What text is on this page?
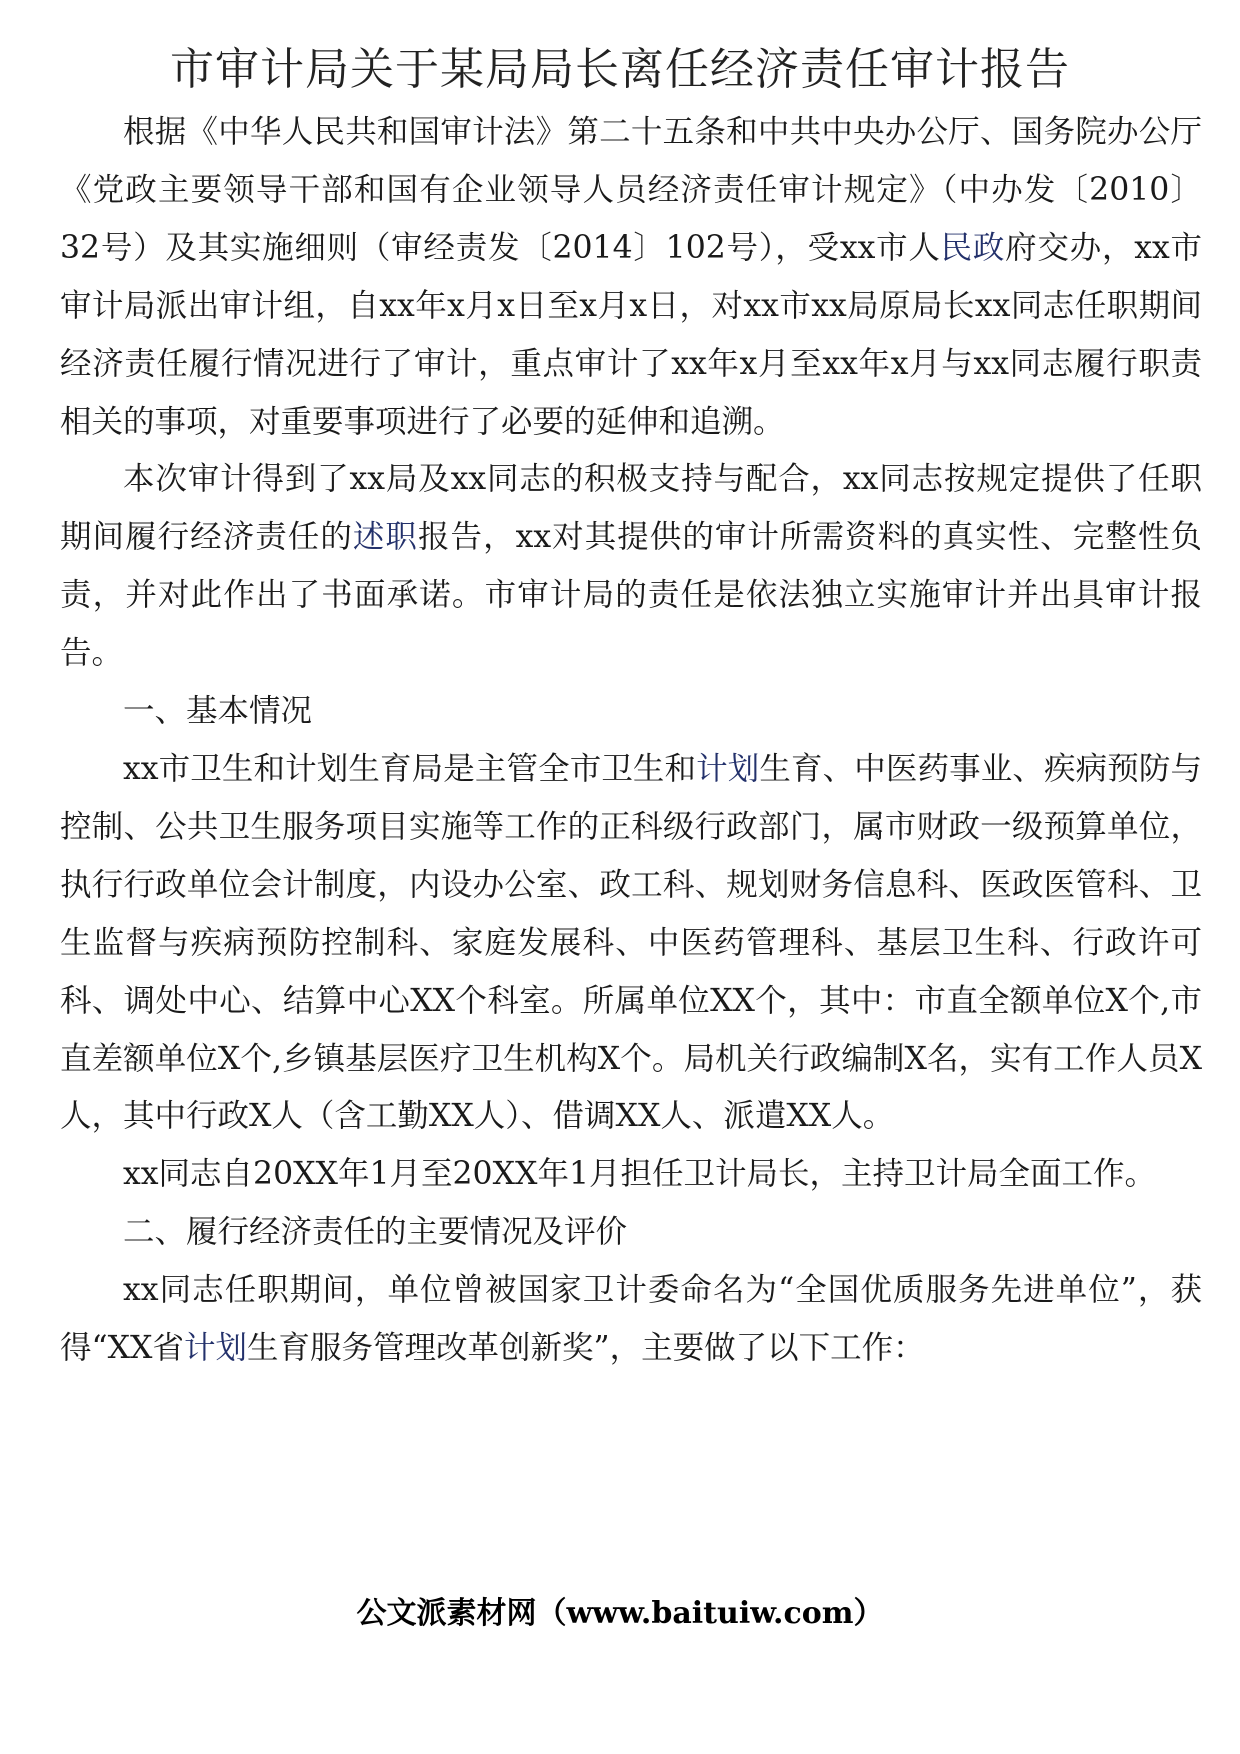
市审计局关于某局局长离任经济责任审计报告

根据《中华人民共和国审计法》第二十五条和中共中央办公厅、国务院办公厅《党政主要领导干部和国有企业领导人员经济责任审计规定》（中办发〔2010〕32号）及其实施细则（审经责发〔2014〕102号），受xx市人民政府交办，xx市审计局派出审计组，自xx年x月x日至x月x日，对xx市xx局原局长xx同志任职期间经济责任履行情况进行了审计，重点审计了xx年x月至xx年x月与xx同志履行职责相关的事项，对重要事项进行了必要的延伸和追溯。

本次审计得到了xx局及xx同志的积极支持与配合，xx同志按规定提供了任职期间履行经济责任的述职报告，xx对其提供的审计所需资料的真实性、完整性负责，并对此作出了书面承诺。市审计局的责任是依法独立实施审计并出具审计报告。

一、基本情况

xx市卫生和计划生育局是主管全市卫生和计划生育、中医药事业、疾病预防与控制、公共卫生服务项目实施等工作的正科级行政部门，属市财政一级预算单位，执行行政单位会计制度，内设办公室、政工科、规划财务信息科、医政医管科、卫生监督与疾病预防控制科、家庭发展科、中医药管理科、基层卫生科、行政许可科、调处中心、结算中心XX个科室。所属单位XX个，其中：市直全额单位X个,市直差额单位X个,乡镇基层医疗卫生机构X个。局机关行政编制X名，实有工作人员X人，其中行政X人（含工勤XX人）、借调XX人、派遣XX人。

xx同志自20XX年1月至20XX年1月担任卫计局长，主持卫计局全面工作。

二、履行经济责任的主要情况及评价

xx同志任职期间，单位曾被国家卫计委命名为“全国优质服务先进单位”，获得“XX省计划生育服务管理改革创新奖”，主要做了以下工作：

公文派素材网（www.baituiw.com）
